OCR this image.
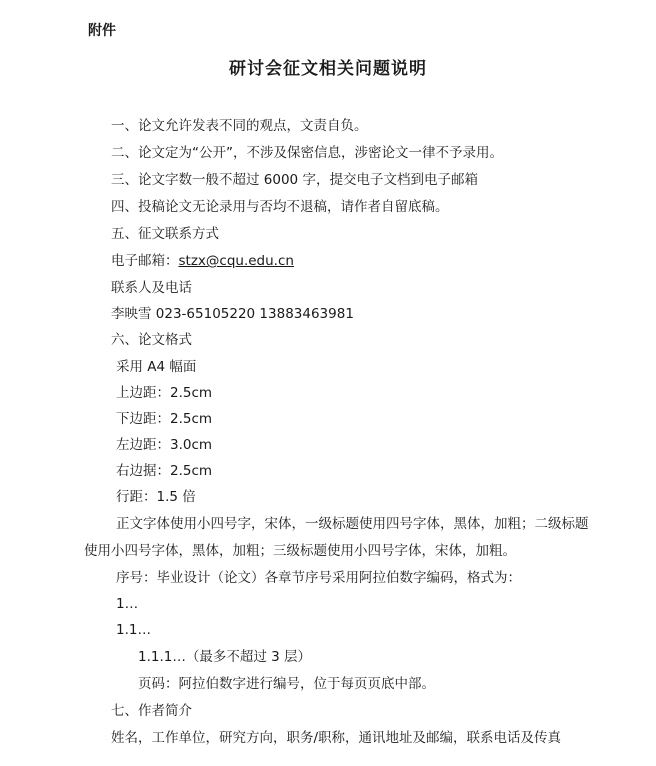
附件
研讨会征文相关问题说明
一、论文允许发表不同的观点，文责自负。
二、论文定为“公开”，不涉及保密信息，涉密论文一律不予录用。
三、论文字数一般不超过 6000 字，提交电子文档到电子邮箱
四、投稿论文无论录用与否均不退稿，请作者自留底稿。
五、征文联系方式
电子邮箱：stzx@cqu.edu.cn
联系人及电话
李映雪 023-65105220 13883463981
六、论文格式
采用 A4 幅面
上边距：2.5cm
下边距：2.5cm
左边距：3.0cm
右边据：2.5cm
行距：1.5 倍
正文字体使用小四号字，宋体，一级标题使用四号字体，黑体，加粗；二级标题
使用小四号字体，黑体，加粗；三级标题使用小四号字体，宋体，加粗。
序号：毕业设计（论文）各章节序号采用阿拉伯数字编码，格式为：
1…
1.1…
1.1.1…（最多不超过 3 层）
页码：阿拉伯数字进行编号，位于每页页底中部。
七、作者简介
姓名，工作单位，研究方向，职务/职称，通讯地址及邮编，联系电话及传真
